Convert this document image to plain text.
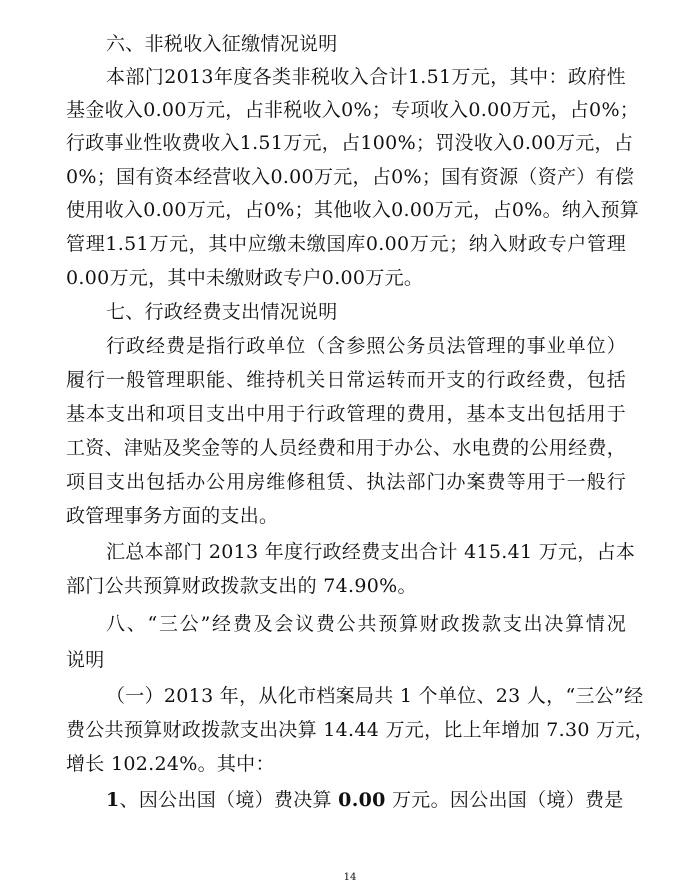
六、非税收入征缴情况说明
本部门2013年度各类非税收入合计1.51万元，其中：政府性
基金收入0.00万元，占非税收入0%；专项收入0.00万元，占0%；
行政事业性收费收入1.51万元，占100%；罚没收入0.00万元，占
0%；国有资本经营收入0.00万元，占0%；国有资源（资产）有偿
使用收入0.00万元，占0%；其他收入0.00万元，占0%。纳入预算
管理1.51万元，其中应缴未缴国库0.00万元；纳入财政专户管理
0.00万元，其中未缴财政专户0.00万元。
七、行政经费支出情况说明
行政经费是指行政单位（含参照公务员法管理的事业单位）
履行一般管理职能、维持机关日常运转而开支的行政经费，包括
基本支出和项目支出中用于行政管理的费用，基本支出包括用于
工资、津贴及奖金等的人员经费和用于办公、水电费的公用经费，
项目支出包括办公用房维修租赁、执法部门办案费等用于一般行
政管理事务方面的支出。
汇总本部门 2013 年度行政经费支出合计 415.41 万元，占本
部门公共预算财政拨款支出的 74.90%。
八、“三公”经费及会议费公共预算财政拨款支出决算情况
说明
（一）2013 年，从化市档案局共 1 个单位、23 人，“三公”经
费公共预算财政拨款支出决算 14.44 万元，比上年增加 7.30 万元，
增长 102.24%。其中：
1、因公出国（境）费决算 0.00 万元。因公出国（境）费是
14
